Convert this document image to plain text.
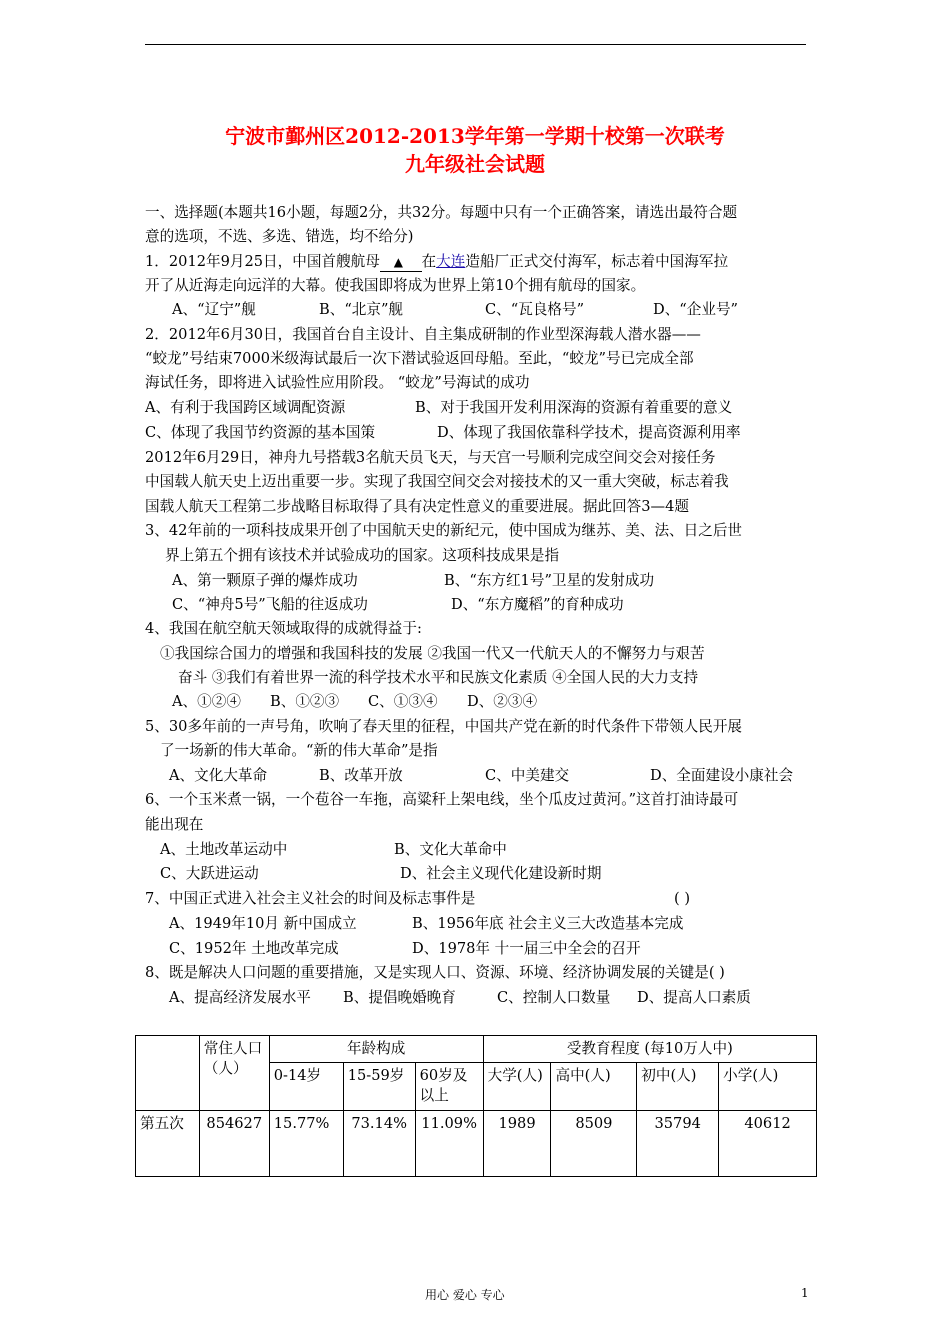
宁波市鄞州区2012-2013学年第一学期十校第一次联考
九年级社会试题
一、选择题(本题共16小题，每题2分，共32分。每题中只有一个正确答案，请选出最符合题
意的选项，不选、多选、错选，均不给分)
1．2012年9月25日，中国首艘航母 ▲ 在大连造船厂正式交付海军，标志着中国海军拉
开了从近海走向远洋的大幕。使我国即将成为世界上第10个拥有航母的国家。
A、“辽宁”舰	B、“北京”舰	C、“瓦良格号”	D、“企业号”
2．2012年6月30日，我国首台自主设计、自主集成研制的作业型深海载人潜水器——
“蛟龙”号结束7000米级海试最后一次下潜试验返回母船。至此，“蛟龙”号已完成全部
海试任务，即将进入试验性应用阶段。 “蛟龙”号海试的成功
A、有利于我国跨区域调配资源	B、对于我国开发利用深海的资源有着重要的意义
C、体现了我国节约资源的基本国策	D、体现了我国依靠科学技术，提高资源利用率
2012年6月29日，神舟九号搭载3名航天员飞天，与天宫一号顺利完成空间交会对接任务
中国载人航天史上迈出重要一步。实现了我国空间交会对接技术的又一重大突破，标志着我
国载人航天工程第二步战略目标取得了具有决定性意义的重要进展。据此回答3—4题
3、42年前的一项科技成果开创了中国航天史的新纪元，使中国成为继苏、美、法、日之后世
界上第五个拥有该技术并试验成功的国家。这项科技成果是指
A、第一颗原子弹的爆炸成功	B、“东方红1号”卫星的发射成功
C、“神舟5号”飞船的往返成功	D、“东方魔稻”的育种成功
4、我国在航空航天领域取得的成就得益于:
①我国综合国力的增强和我国科技的发展 ②我国一代又一代航天人的不懈努力与艰苦
奋斗 ③我们有着世界一流的科学技术水平和民族文化素质 ④全国人民的大力支持
A、①②④ B、①②③ C、①③④ D、②③④
5、30多年前的一声号角，吹响了春天里的征程，中国共产党在新的时代条件下带领人民开展
了一场新的伟大革命。“新的伟大革命”是指
A、文化大革命	B、改革开放	C、中美建交	D、全面建设小康社会
6、一个玉米煮一锅，一个苞谷一车拖，高粱秆上架电线，坐个瓜皮过黄河。”这首打油诗最可
能出现在
A、土地改革运动中	B、文化大革命中
C、大跃进运动	D、社会主义现代化建设新时期
7、中国正式进入社会主义社会的时间及标志事件是	( )
A、1949年10月 新中国成立	B、1956年底 社会主义三大改造基本完成
C、1952年 土地改革完成	D、1978年 十一届三中全会的召开
8、既是解决人口问题的重要措施，又是实现人口、资源、环境、经济协调发展的关键是( )
A、提高经济发展水平 B、提倡晚婚晚育	C、控制人口数量 D、提高人口素质
	常住人口（人）	年龄构成			受教育程度 (每10万人中)			
		0-14岁	15-59岁	60岁及以上	大学(人)	高中(人)	初中(人)	小学(人)
第五次	854627	15.77%	73.14%	11.09%	1989	8509	35794	40612
用心 爱心 专心	1
